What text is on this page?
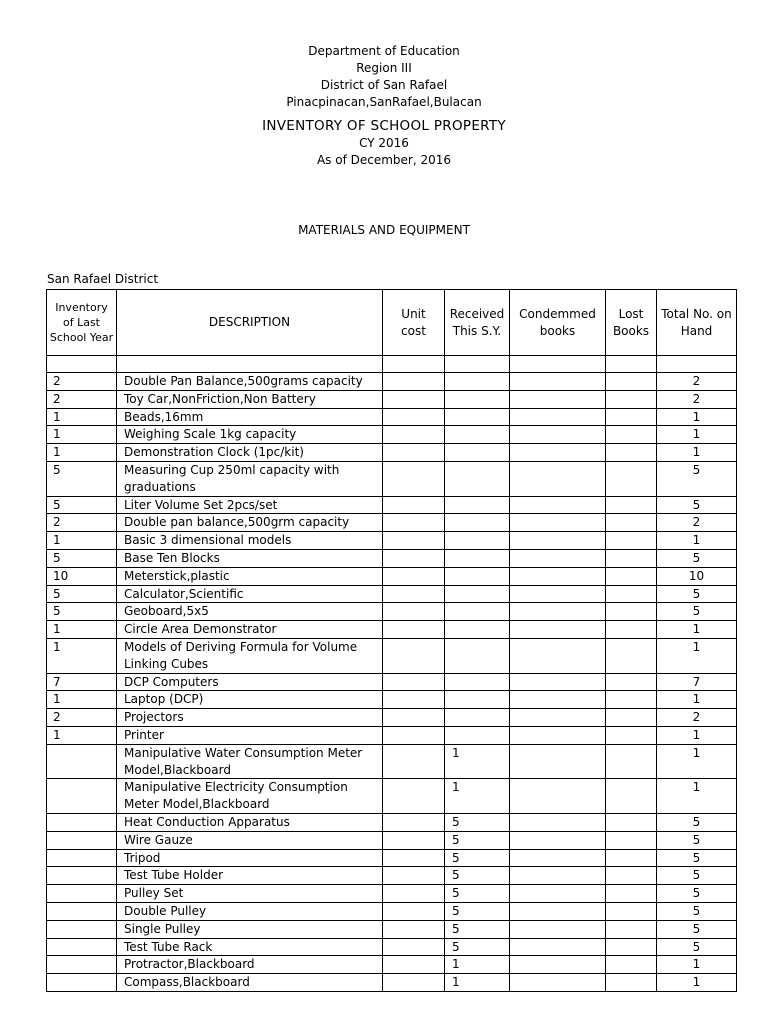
Department of Education
Region III
District of San Rafael
Pinacpinacan,SanRafael,Bulacan
INVENTORY OF SCHOOL PROPERTY
CY 2016
As of December, 2016
MATERIALS AND EQUIPMENT
San Rafael District
Inventory of Last School Year	DESCRIPTION	Unit cost	Received This S.Y.	Condemmed books	Lost Books	Total No. on Hand

2	Double Pan Balance,500grams capacity					2
2	Toy Car,NonFriction,Non Battery					2
1	Beads,16mm					1
1	Weighing Scale 1kg capacity					1
1	Demonstration Clock (1pc/kit)					1
5	Measuring Cup 250ml capacity with graduations					5
5	Liter Volume Set 2pcs/set					5
2	Double pan balance,500grm capacity					2
1	Basic 3 dimensional models					1
5	Base Ten Blocks					5
10	Meterstick,plastic					10
5	Calculator,Scientific					5
5	Geoboard,5x5					5
1	Circle Area Demonstrator					1
1	Models of Deriving Formula for Volume Linking Cubes					1
7	DCP Computers					7
1	Laptop (DCP)					1
2	Projectors					2
1	Printer					1
	Manipulative Water Consumption Meter Model,Blackboard		1			1
	Manipulative Electricity Consumption Meter Model,Blackboard		1			1
	Heat Conduction Apparatus		5			5
	Wire Gauze		5			5
	Tripod		5			5
	Test Tube Holder		5			5
	Pulley Set		5			5
	Double Pulley		5			5
	Single Pulley		5			5
	Test Tube Rack		5			5
	Protractor,Blackboard		1			1
	Compass,Blackboard		1			1
